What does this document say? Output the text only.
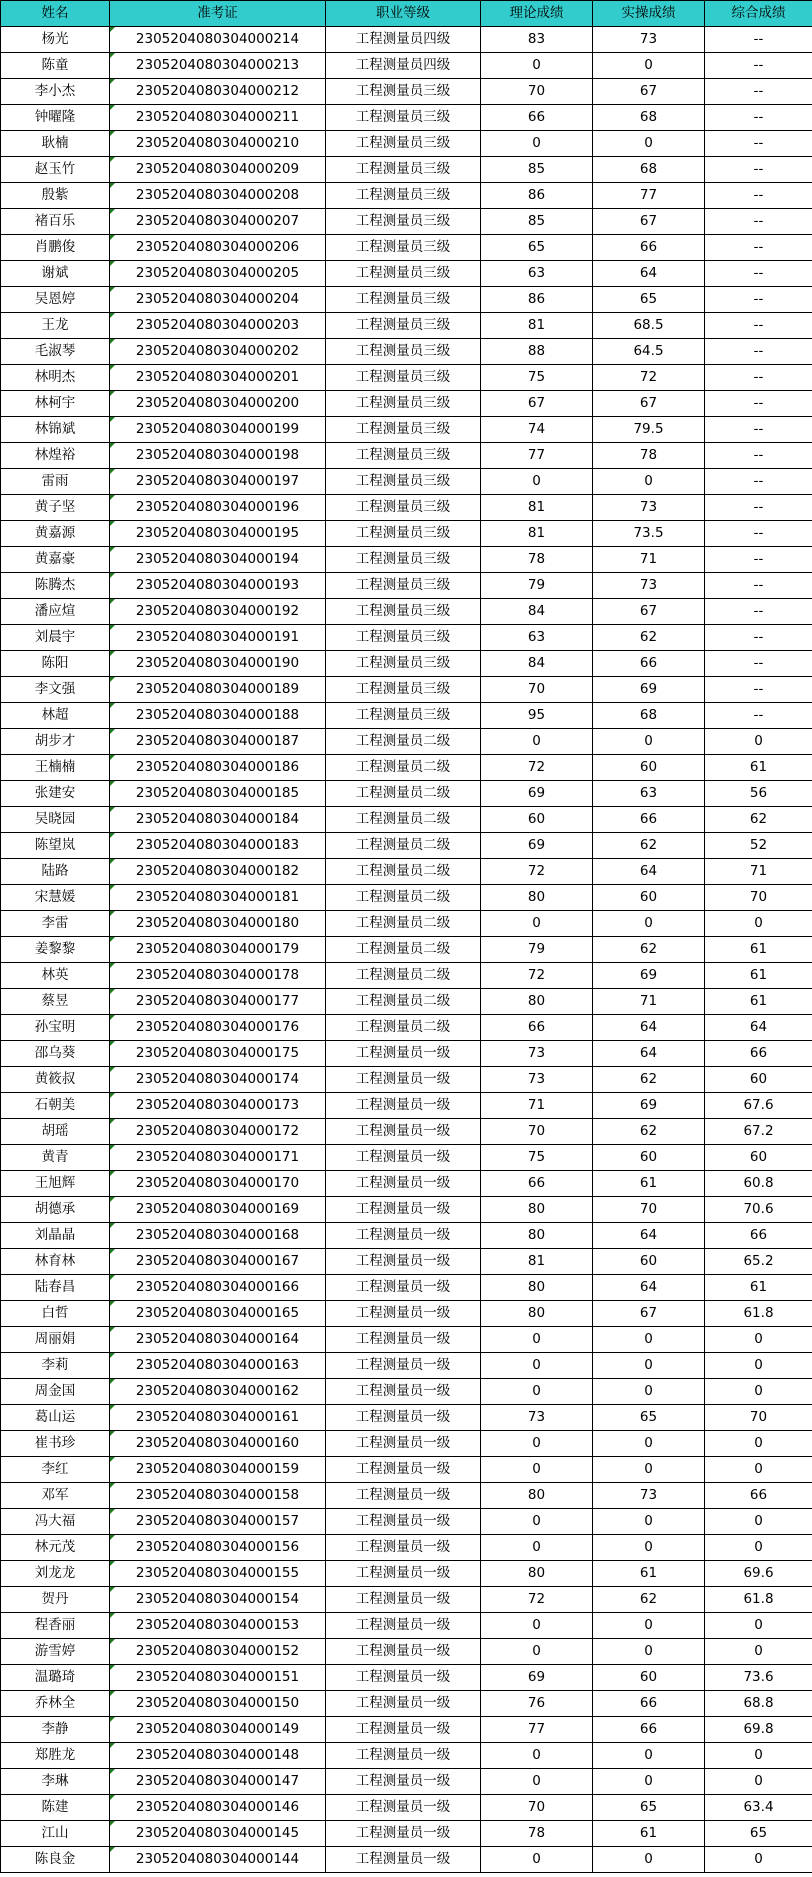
姓名	准考证	职业等级	理论成绩	实操成绩	综合成绩
杨光	2305204080304000214	工程测量员四级	83	73	--
陈童	2305204080304000213	工程测量员四级	0	0	--
李小杰	2305204080304000212	工程测量员三级	70	67	--
钟曜隆	2305204080304000211	工程测量员三级	66	68	--
耿楠	2305204080304000210	工程测量员三级	0	0	--
赵玉竹	2305204080304000209	工程测量员三级	85	68	--
殷紫	2305204080304000208	工程测量员三级	86	77	--
褚百乐	2305204080304000207	工程测量员三级	85	67	--
肖鹏俊	2305204080304000206	工程测量员三级	65	66	--
谢斌	2305204080304000205	工程测量员三级	63	64	--
吴恩婷	2305204080304000204	工程测量员三级	86	65	--
王龙	2305204080304000203	工程测量员三级	81	68.5	--
毛淑琴	2305204080304000202	工程测量员三级	88	64.5	--
林明杰	2305204080304000201	工程测量员三级	75	72	--
林柯宇	2305204080304000200	工程测量员三级	67	67	--
林锦斌	2305204080304000199	工程测量员三级	74	79.5	--
林煌裕	2305204080304000198	工程测量员三级	77	78	--
雷雨	2305204080304000197	工程测量员三级	0	0	--
黄子坚	2305204080304000196	工程测量员三级	81	73	--
黄嘉源	2305204080304000195	工程测量员三级	81	73.5	--
黄嘉豪	2305204080304000194	工程测量员三级	78	71	--
陈腾杰	2305204080304000193	工程测量员三级	79	73	--
潘应煊	2305204080304000192	工程测量员三级	84	67	--
刘晨宇	2305204080304000191	工程测量员三级	63	62	--
陈阳	2305204080304000190	工程测量员三级	84	66	--
李文强	2305204080304000189	工程测量员三级	70	69	--
林超	2305204080304000188	工程测量员三级	95	68	--
胡步才	2305204080304000187	工程测量员二级	0	0	0
王楠楠	2305204080304000186	工程测量员二级	72	60	61
张建安	2305204080304000185	工程测量员二级	69	63	56
吴晓园	2305204080304000184	工程测量员二级	60	66	62
陈望岚	2305204080304000183	工程测量员二级	69	62	52
陆路	2305204080304000182	工程测量员二级	72	64	71
宋慧媛	2305204080304000181	工程测量员二级	80	60	70
李雷	2305204080304000180	工程测量员二级	0	0	0
姜黎黎	2305204080304000179	工程测量员二级	79	62	61
林英	2305204080304000178	工程测量员二级	72	69	61
蔡昱	2305204080304000177	工程测量员二级	80	71	61
孙宝明	2305204080304000176	工程测量员二级	66	64	64
邵乌葵	2305204080304000175	工程测量员一级	73	64	66
黄筱叔	2305204080304000174	工程测量员一级	73	62	60
石朝美	2305204080304000173	工程测量员一级	71	69	67.6
胡瑶	2305204080304000172	工程测量员一级	70	62	67.2
黄青	2305204080304000171	工程测量员一级	75	60	60
王旭辉	2305204080304000170	工程测量员一级	66	61	60.8
胡德承	2305204080304000169	工程测量员一级	80	70	70.6
刘晶晶	2305204080304000168	工程测量员一级	80	64	66
林育林	2305204080304000167	工程测量员一级	81	60	65.2
陆春昌	2305204080304000166	工程测量员一级	80	64	61
白哲	2305204080304000165	工程测量员一级	80	67	61.8
周丽娟	2305204080304000164	工程测量员一级	0	0	0
李莉	2305204080304000163	工程测量员一级	0	0	0
周金国	2305204080304000162	工程测量员一级	0	0	0
葛山运	2305204080304000161	工程测量员一级	73	65	70
崔书珍	2305204080304000160	工程测量员一级	0	0	0
李红	2305204080304000159	工程测量员一级	0	0	0
邓军	2305204080304000158	工程测量员一级	80	73	66
冯大福	2305204080304000157	工程测量员一级	0	0	0
林元茂	2305204080304000156	工程测量员一级	0	0	0
刘龙龙	2305204080304000155	工程测量员一级	80	61	69.6
贺丹	2305204080304000154	工程测量员一级	72	62	61.8
程香丽	2305204080304000153	工程测量员一级	0	0	0
游雪婷	2305204080304000152	工程测量员一级	0	0	0
温璐琦	2305204080304000151	工程测量员一级	69	60	73.6
乔林全	2305204080304000150	工程测量员一级	76	66	68.8
李静	2305204080304000149	工程测量员一级	77	66	69.8
郑胜龙	2305204080304000148	工程测量员一级	0	0	0
李琳	2305204080304000147	工程测量员一级	0	0	0
陈建	2305204080304000146	工程测量员一级	70	65	63.4
江山	2305204080304000145	工程测量员一级	78	61	65
陈良金	2305204080304000144	工程测量员一级	0	0	0
